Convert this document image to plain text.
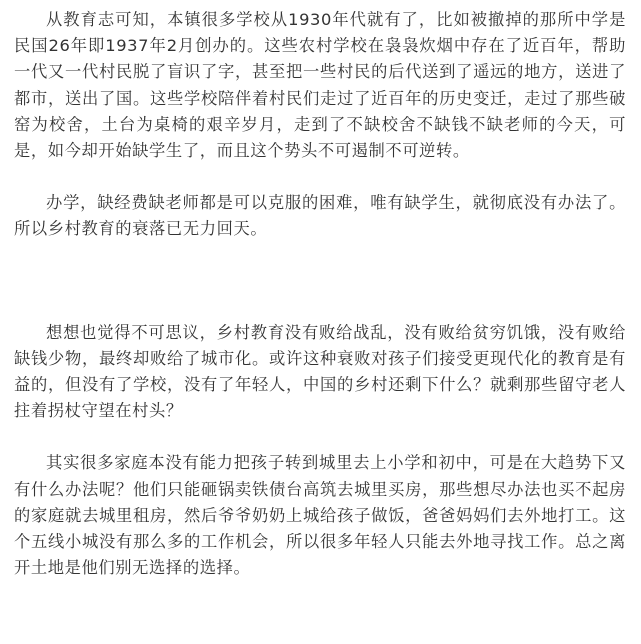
从教育志可知，本镇很多学校从1930年代就有了，比如被撤掉的那所中学是民国26年即1937年2月创办的。这些农村学校在袅袅炊烟中存在了近百年，帮助一代又一代村民脱了盲识了字，甚至把一些村民的后代送到了遥远的地方，送进了都市，送出了国。这些学校陪伴着村民们走过了近百年的历史变迁，走过了那些破窑为校舍，土台为桌椅的艰辛岁月，走到了不缺校舍不缺钱不缺老师的今天，可是，如今却开始缺学生了，而且这个势头不可遏制不可逆转。

办学，缺经费缺老师都是可以克服的困难，唯有缺学生，就彻底没有办法了。所以乡村教育的衰落已无力回天。

想想也觉得不可思议，乡村教育没有败给战乱，没有败给贫穷饥饿，没有败给缺钱少物，最终却败给了城市化。或许这种衰败对孩子们接受更现代化的教育是有益的，但没有了学校，没有了年轻人，中国的乡村还剩下什么？就剩那些留守老人拄着拐杖守望在村头？

其实很多家庭本没有能力把孩子转到城里去上小学和初中，可是在大趋势下又有什么办法呢？他们只能砸锅卖铁债台高筑去城里买房，那些想尽办法也买不起房的家庭就去城里租房，然后爷爷奶奶上城给孩子做饭，爸爸妈妈们去外地打工。这个五线小城没有那么多的工作机会，所以很多年轻人只能去外地寻找工作。总之离开土地是他们别无选择的选择。
